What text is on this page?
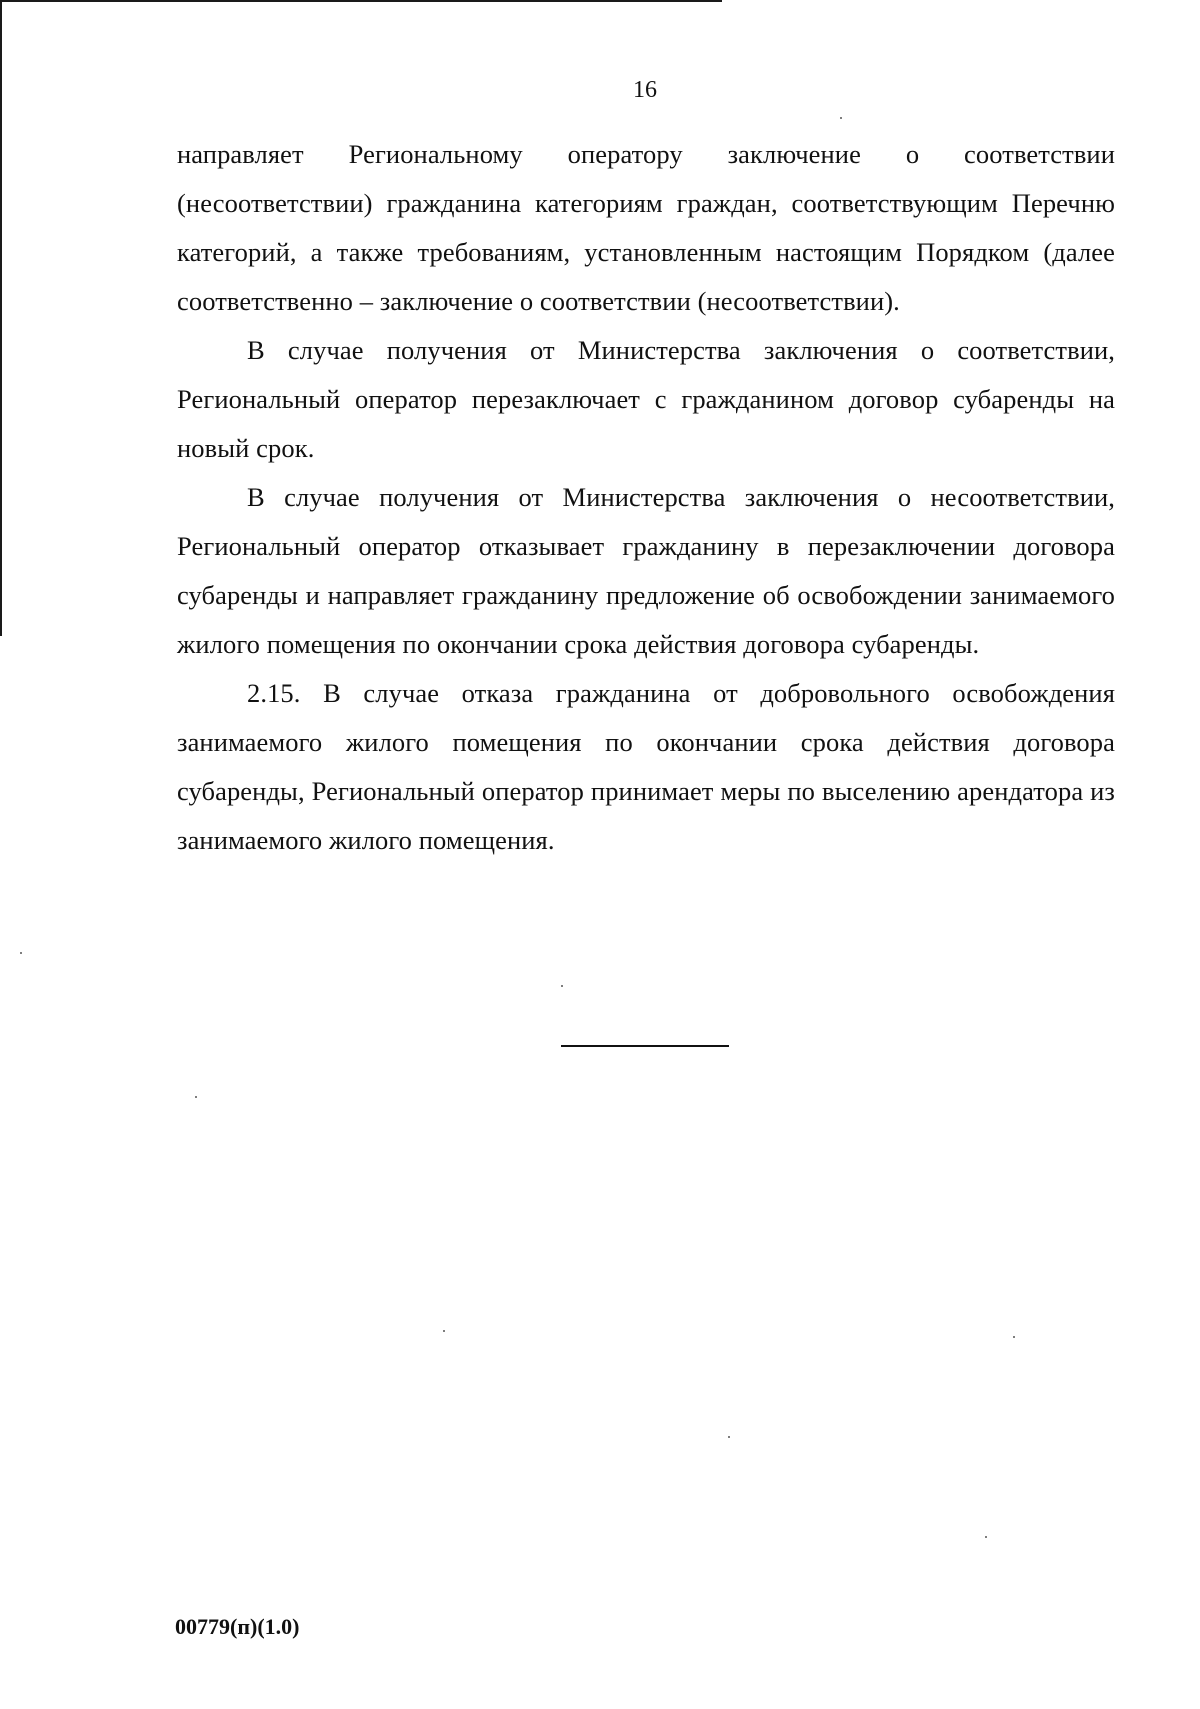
16

направляет Региональному оператору заключение о соответствии (несоответствии) гражданина категориям граждан, соответствующим Перечню категорий, а также требованиям, установленным настоящим Порядком (далее соответственно – заключение о соответствии (несоответствии).

В случае получения от Министерства заключения о соответствии, Региональный оператор перезаключает с гражданином договор субаренды на новый срок.

В случае получения от Министерства заключения о несоответствии, Региональный оператор отказывает гражданину в перезаключении договора субаренды и направляет гражданину предложение об освобождении занимаемого жилого помещения по окончании срока действия договора субаренды.

2.15. В случае отказа гражданина от добровольного освобождения занимаемого жилого помещения по окончании срока действия договора субаренды, Региональный оператор принимает меры по выселению арендатора из занимаемого жилого помещения.

00779(п)(1.0)
